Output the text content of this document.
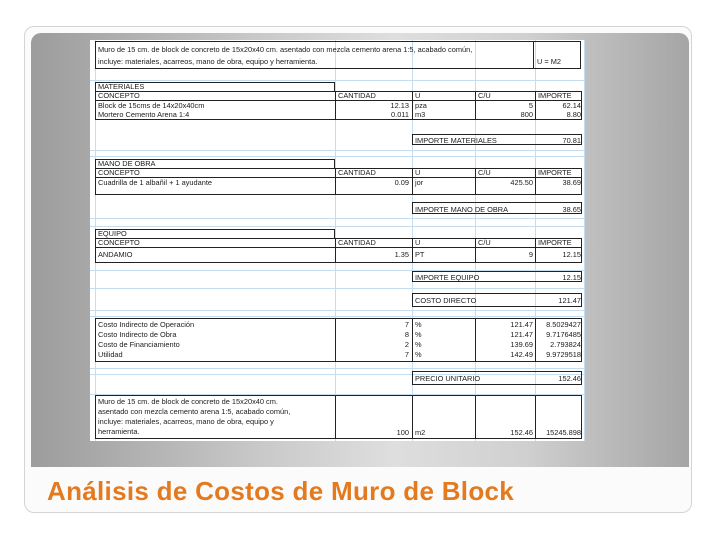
Muro de 15 cm. de block de concreto de 15x20x40 cm. asentado con mezcla cemento arena 1:5, acabado común,
incluye: materiales, acarreos, mano de obra, equipo y herramienta.	U = M2
MATERIALES
CONCEPTO	CANTIDAD	U	C/U	IMPORTE
Block de 15cms de 14x20x40cm	12.13 pza	5	62.14
Mortero Cemento Arena 1:4	0.011 m3	800	8.80
IMPORTE MATERIALES	70.81
MANO DE OBRA
CONCEPTO	CANTIDAD	U	C/U	IMPORTE
Cuadrilla de 1 albañil + 1 ayudante	0.09 jor	425.50	38.69
IMPORTE MANO DE OBRA	38.65
EQUIPO
CONCEPTO	CANTIDAD	U	C/U	IMPORTE
ANDAMIO	1.35 PT	9	12.15
IMPORTE EQUIPO	12.15
COSTO DIRECTO	121.47
Costo Indirecto de Operación	7 %	121.47	8.5029427
Costo Indirecto de Obra	8 %	121.47	9.7176485
Costo de Financiamiento	2 %	139.69	2.793824
Utilidad	7 %	142.49	9.9729518
PRECIO UNITARIO	152.46
Muro de 15 cm. de block de concreto de 15x20x40 cm.
asentado con mezcla cemento arena 1:5, acabado común,
incluye: materiales, acarreos, mano de obra, equipo y
herramienta.	100 m2	152.46	15245.898
Análisis de Costos de Muro de Block
